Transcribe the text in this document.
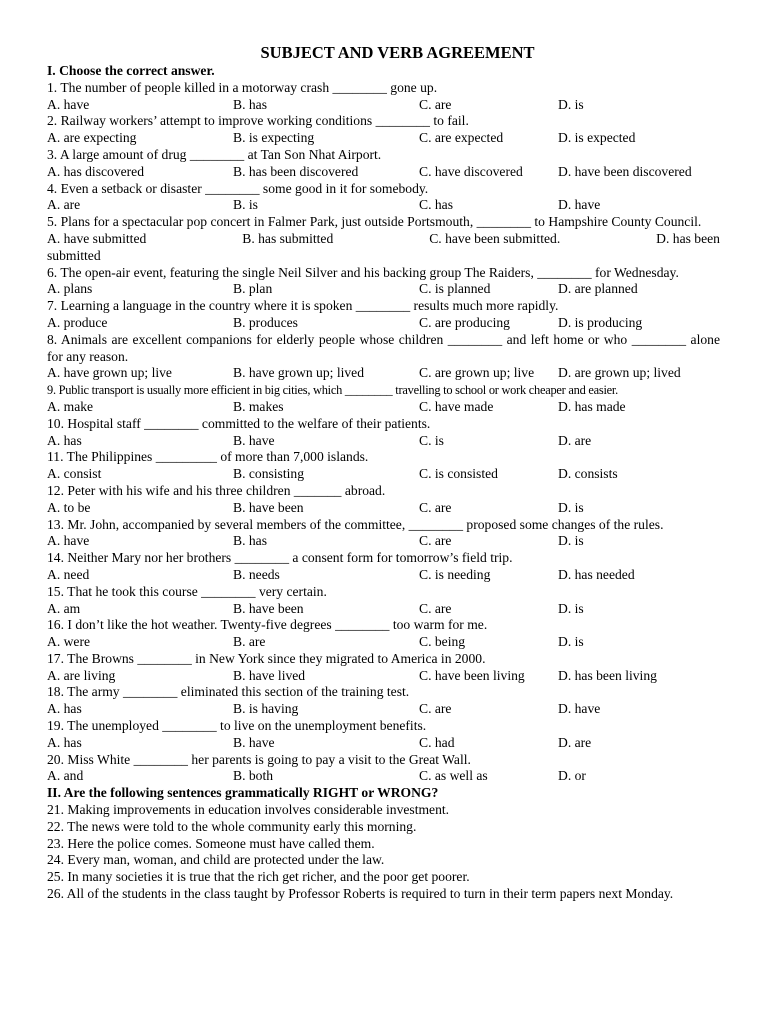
SUBJECT AND VERB AGREEMENT
I. Choose the correct answer.
1. The number of people killed in a motorway crash ________ gone up.
A. have	B. has	C. are	D. is
2. Railway workers’ attempt to improve working conditions ________ to fail.
A. are expecting	B. is expecting	C. are expected	D. is expected
3. A large amount of drug ________ at Tan Son Nhat Airport.
A. has discovered	B. has been discovered	C. have discovered	D. have been discovered
4. Even a setback or disaster ________ some good in it for somebody.
A. are	B. is	C. has	D. have
5. Plans for a spectacular pop concert in Falmer Park, just outside Portsmouth, ________ to Hampshire County Council.
A. have submitted	B. has submitted	C. have been submitted.	D. has been
submitted
6. The open-air event, featuring the single Neil Silver and his backing group The Raiders, ________ for Wednesday.
A. plans	B. plan	C. is planned	D. are planned
7. Learning a language in the country where it is spoken ________ results much more rapidly.
A. produce	B. produces	C. are producing	D. is producing
8. Animals are excellent companions for elderly people whose children ________ and left home or who ________ alone for any reason.
A. have grown up; live	B. have grown up; lived	C. are grown up; live D. are grown up; lived
9. Public transport is usually more efficient in big cities, which ________ travelling to school or work cheaper and easier.
A. make	B. makes	C. have made	D. has made
10. Hospital staff ________ committed to the welfare of their patients.
A. has	B. have	C. is	D. are
11. The Philippines _________ of more than 7,000 islands.
A. consist	B. consisting	C. is consisted	D. consists
12. Peter with his wife and his three children _______ abroad.
A. to be	B. have been	C. are	D. is
13. Mr. John, accompanied by several members of the committee, ________ proposed some changes of the rules.
A. have	B. has	C. are	D. is
14. Neither Mary nor her brothers ________ a consent form for tomorrow’s field trip.
A. need	B. needs	C. is needing	D. has needed
15. That he took this course ________ very certain.
A. am	B. have been	C. are	D. is
16. I don’t like the hot weather. Twenty-five degrees ________ too warm for me.
A. were	B. are	C. being	D. is
17. The Browns ________ in New York since they migrated to America in 2000.
A. are living	B. have lived	C. have been living D. has been living
18. The army ________ eliminated this section of the training test.
A. has	B. is having	C. are	D. have
19. The unemployed ________ to live on the unemployment benefits.
A. has	B. have	C. had	D. are
20. Miss White ________ her parents is going to pay a visit to the Great Wall.
A. and	B. both	C. as well as	D. or
II. Are the following sentences grammatically RIGHT or WRONG?
21. Making improvements in education involves considerable investment.
22. The news were told to the whole community early this morning.
23. Here the police comes. Someone must have called them.
24. Every man, woman, and child are protected under the law.
25. In many societies it is true that the rich get richer, and the poor get poorer.
26. All of the students in the class taught by Professor Roberts is required to turn in their term papers next Monday.
